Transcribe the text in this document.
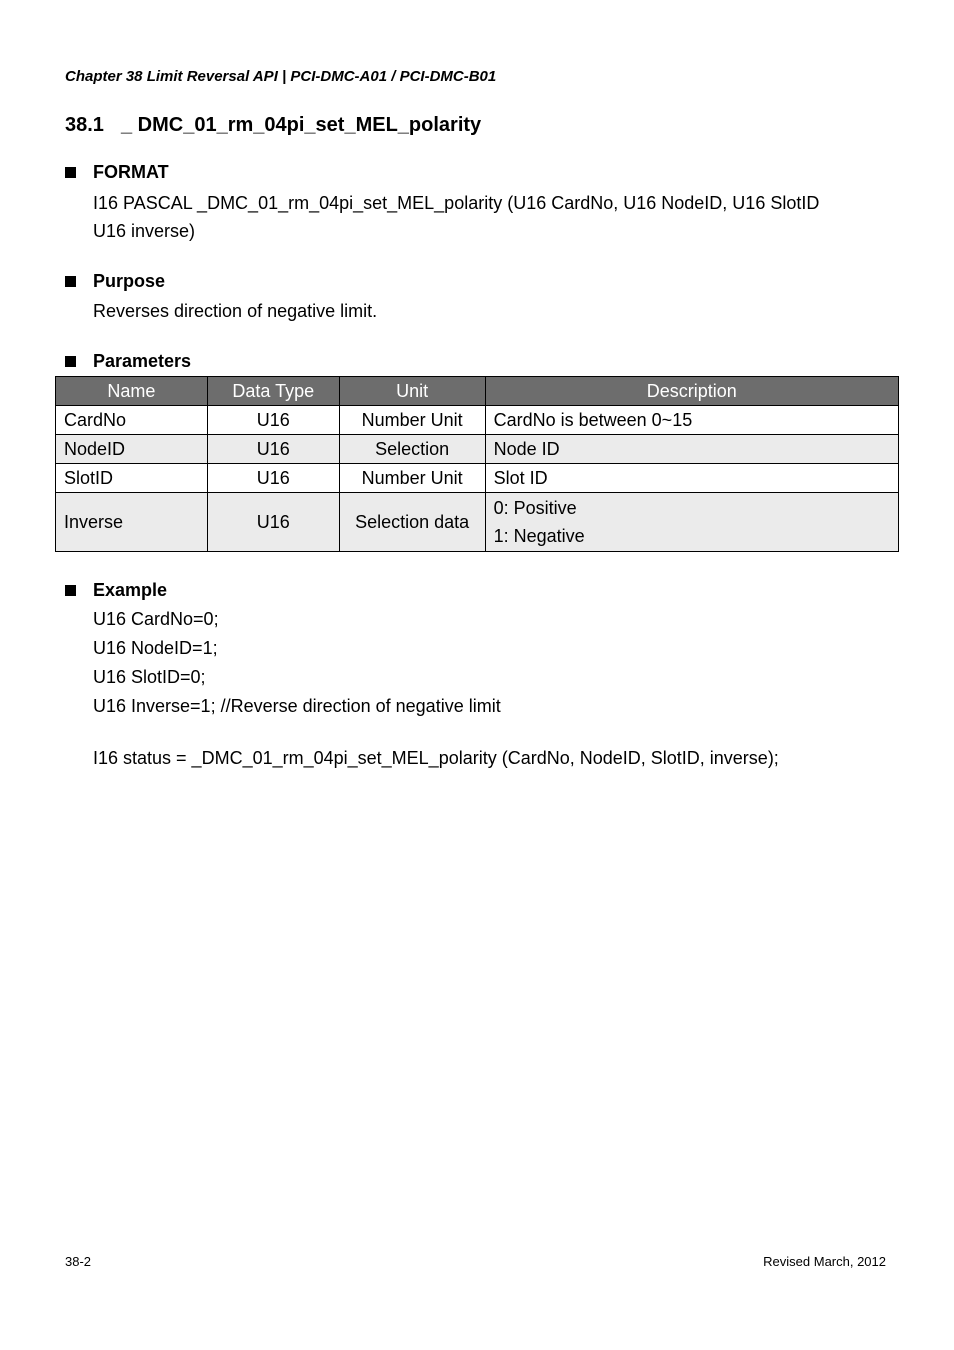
Chapter 38 Limit Reversal API | PCI-DMC-A01 / PCI-DMC-B01
38.1 _ DMC_01_rm_04pi_set_MEL_polarity
FORMAT
I16 PASCAL _DMC_01_rm_04pi_set_MEL_polarity (U16 CardNo, U16 NodeID, U16 SlotID
U16 inverse)
Purpose
Reverses direction of negative limit.
Parameters
Name	Data Type	Unit	Description
CardNo	U16	Number Unit	CardNo is between 0~15
NodeID	U16	Selection	Node ID
SlotID	U16	Number Unit	Slot ID
Inverse	U16	Selection data	0: Positive
1: Negative
Example
U16 CardNo=0;
U16 NodeID=1;
U16 SlotID=0;
U16 Inverse=1; //Reverse direction of negative limit
I16 status = _DMC_01_rm_04pi_set_MEL_polarity (CardNo, NodeID, SlotID, inverse);
38-2	Revised March, 2012
